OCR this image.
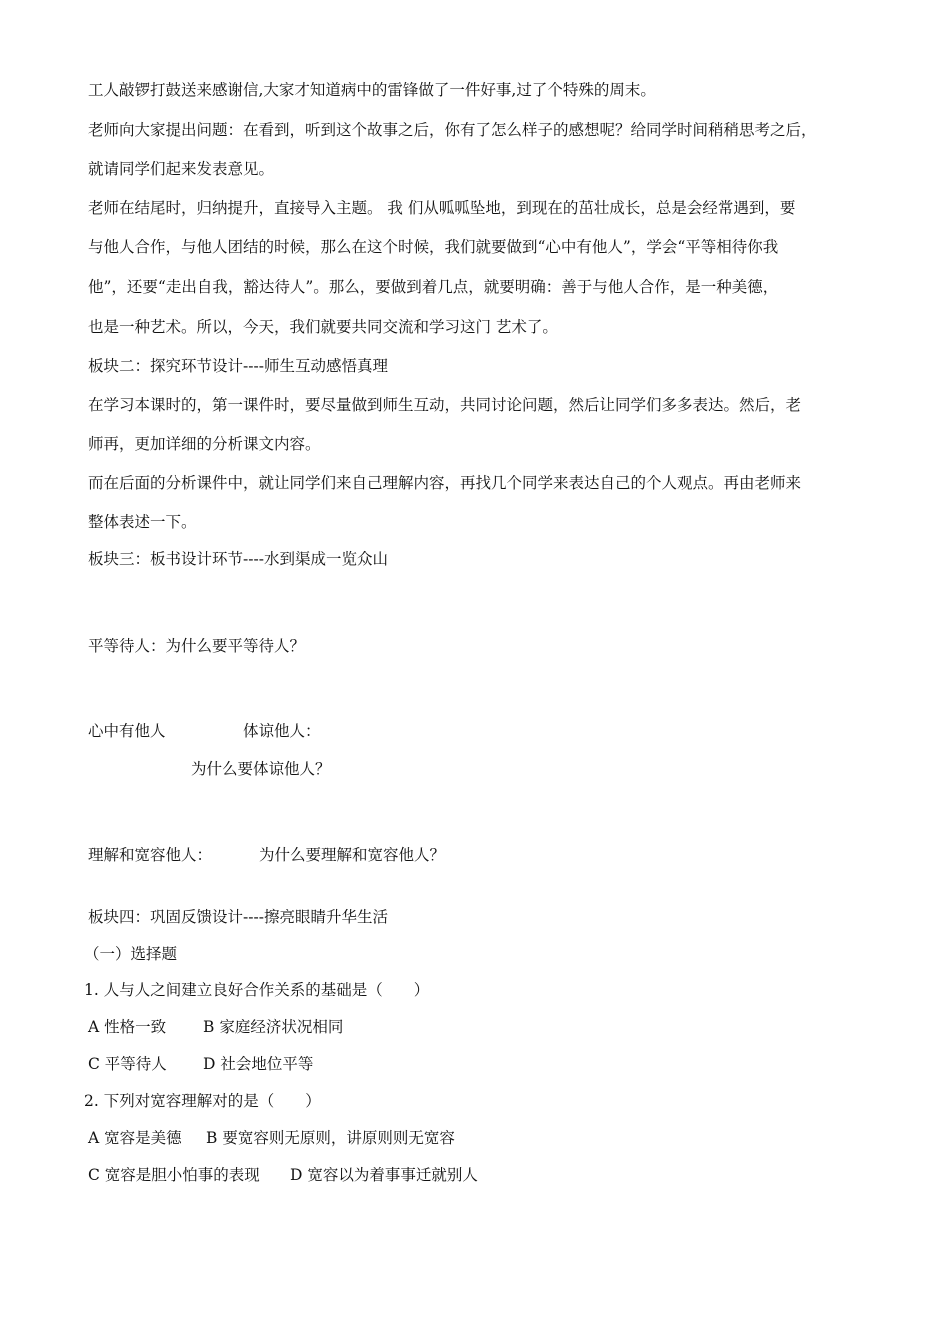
工人敲锣打鼓送来感谢信,大家才知道病中的雷锋做了一件好事,过了个特殊的周末。
老师向大家提出问题：在看到，听到这个故事之后，你有了怎么样子的感想呢？给同学时间稍稍思考之后，
就请同学们起来发表意见。
老师在结尾时，归纳提升，直接导入主题。 我 们从呱呱坠地，到现在的茁壮成长，总是会经常遇到，要
与他人合作，与他人团结的时候，那么在这个时候，我们就要做到“心中有他人”，学会“平等相待你我
他”，还要“走出自我，豁达待人”。那么，要做到着几点，就要明确：善于与他人合作，是一种美德，
也是一种艺术。所以，今天，我们就要共同交流和学习这门 艺术了。
板块二：探究环节设计----师生互动感悟真理
在学习本课时的，第一课件时，要尽量做到师生互动，共同讨论问题，然后让同学们多多表达。然后，老
师再，更加详细的分析课文内容。
而在后面的分析课件中，就让同学们来自己理解内容，再找几个同学来表达自己的个人观点。再由老师来
整体表述一下。
板块三：板书设计环节----水到渠成一览众山
平等待人：为什么要平等待人？
心中有他人	体谅他人：
为什么要体谅他人？
理解和宽容他人：	为什么要理解和宽容他人？
板块四：巩固反馈设计----擦亮眼睛升华生活
（一）选择题
1. 人与人之间建立良好合作关系的基础是（　　）
A 性格一致 B 家庭经济状况相同
C 平等待人 D 社会地位平等
2. 下列对宽容理解对的是（　　）
A 宽容是美德 B 要宽容则无原则，讲原则则无宽容
C 宽容是胆小怕事的表现 D 宽容以为着事事迁就别人
